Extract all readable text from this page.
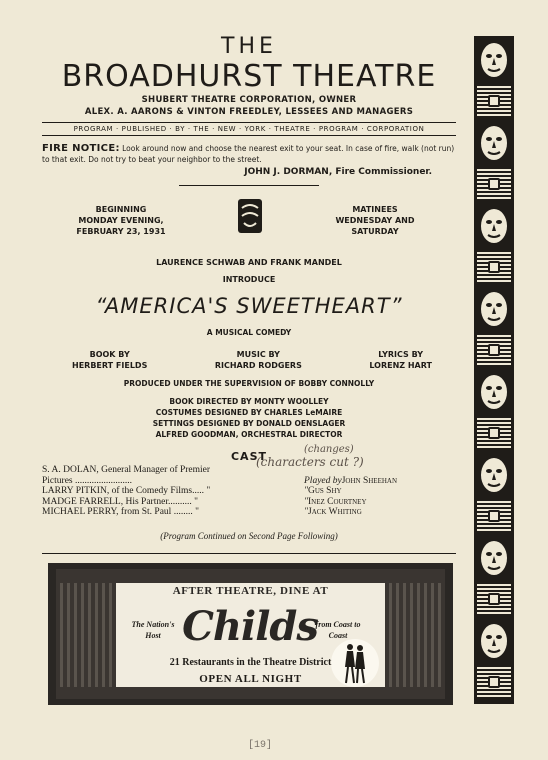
THE
BROADHURST THEATRE
SHUBERT THEATRE CORPORATION, OWNER
ALEX. A. AARONS & VINTON FREEDLEY, LESSEES AND MANAGERS
PROGRAM · PUBLISHED · BY · THE · NEW · YORK · THEATRE · PROGRAM · CORPORATION
FIRE NOTICE: Look around now and choose the nearest exit to your seat. In case of fire, walk (not run) to that exit. Do not try to beat your neighbor to the street.
JOHN J. DORMAN, Fire Commissioner.
BEGINNING
MONDAY EVENING,
FEBRUARY 23, 1931
MATINEES
WEDNESDAY AND
SATURDAY
LAURENCE SCHWAB AND FRANK MANDEL
INTRODUCE
“AMERICA'S SWEETHEART”
A MUSICAL COMEDY
BOOK BY
HERBERT FIELDS
MUSIC BY
RICHARD RODGERS
LYRICS BY
LORENZ HART
PRODUCED UNDER THE SUPERVISION OF BOBBY CONNOLLY
BOOK DIRECTED BY MONTY WOOLLEY
COSTUMES DESIGNED BY CHARLES LeMAIRE
SETTINGS DESIGNED BY DONALD OENSLAGER
ALFRED GOODMAN, ORCHESTRAL DIRECTOR
CAST
S. A. DOLAN, General Manager of Premier
Pictures ........................	Played by John Sheehan
LARRY PITKIN, of the Comedy Films..... "	" Gus Shy
MADGE FARRELL, His Partner.......... "	" Inez Courtney
MICHAEL PERRY, from St. Paul ........ "	" Jack Whiting
(Program Continued on Second Page Following)
(changes)
(characters cut ?)
AFTER THEATRE, DINE AT
The Nation's Host Childs
from Coast to Coast
21 Restaurants in the Theatre District
OPEN ALL NIGHT
[19]
